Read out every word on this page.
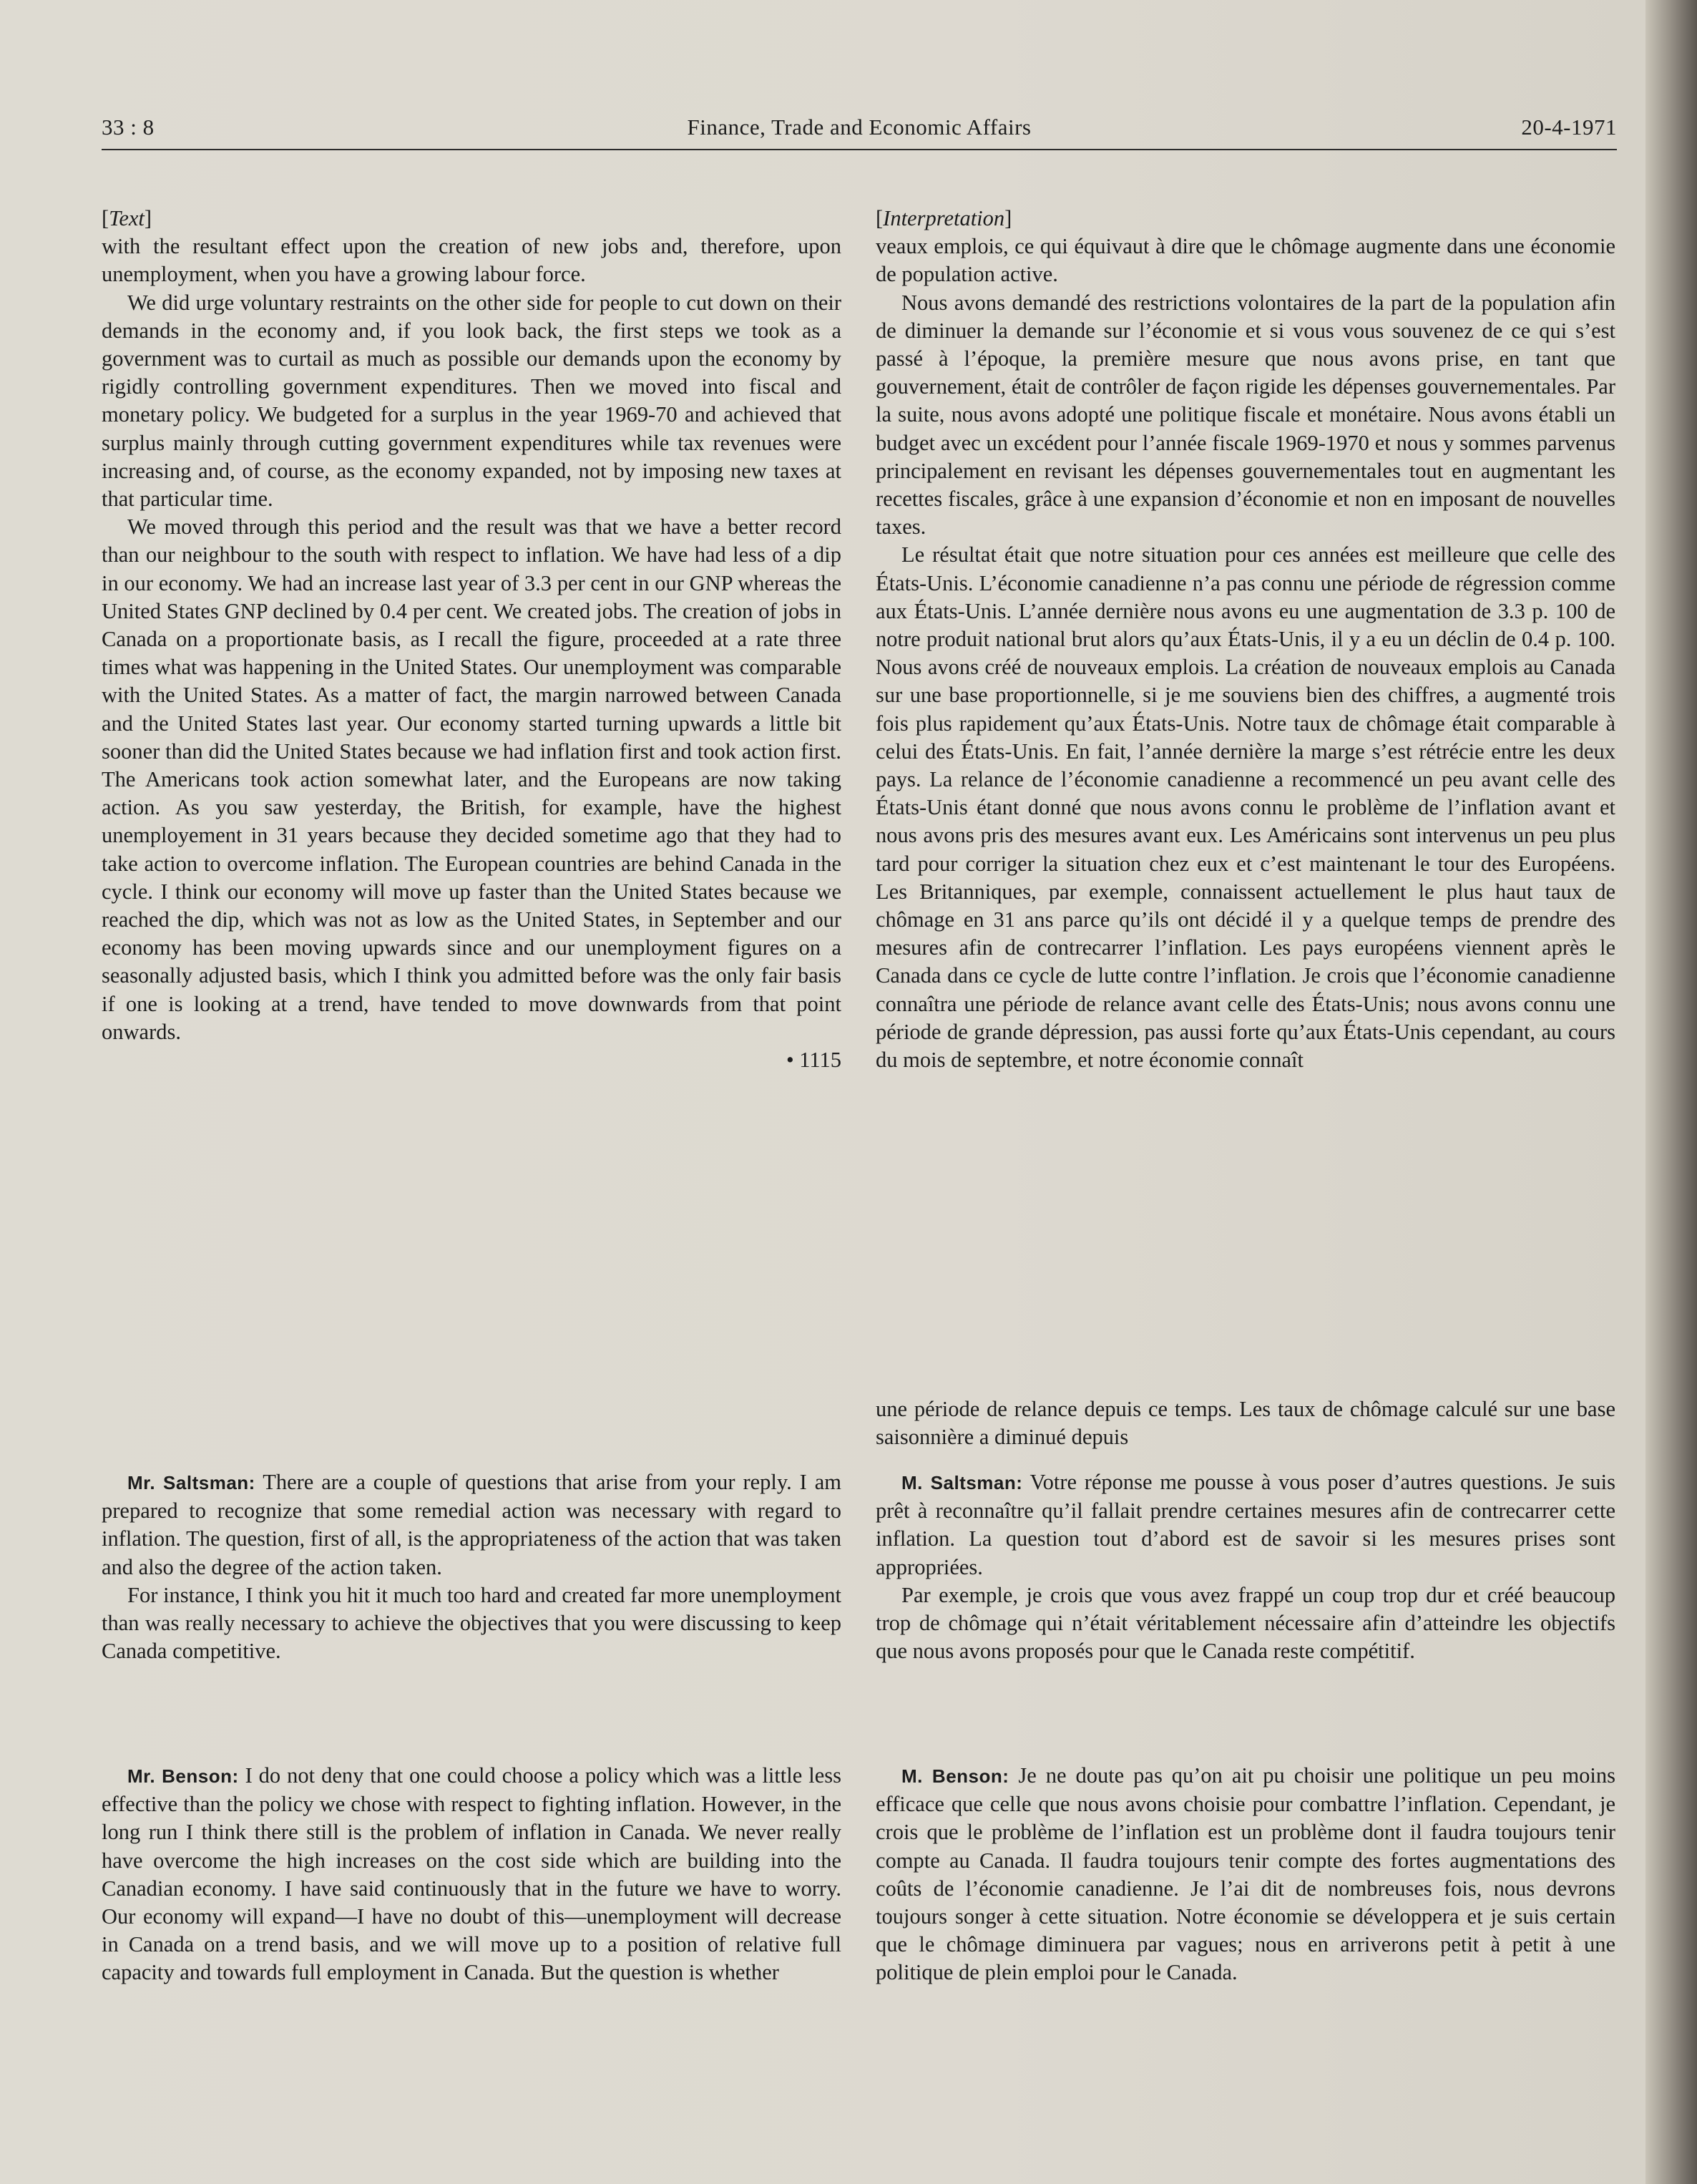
33 : 8	Finance, Trade and Economic Affairs	20-4-1971

[Text]

with the resultant effect upon the creation of new jobs and, therefore, upon unemployment, when you have a growing labour force.

We did urge voluntary restraints on the other side for people to cut down on their demands in the economy and, if you look back, the first steps we took as a government was to curtail as much as possible our demands upon the economy by rigidly controlling government expenditures. Then we moved into fiscal and monetary policy. We budgeted for a surplus in the year 1969-70 and achieved that surplus mainly through cutting government expenditures while tax revenues were increasing and, of course, as the economy expanded, not by imposing new taxes at that particular time.

We moved through this period and the result was that we have a better record than our neighbour to the south with respect to inflation. We have had less of a dip in our economy. We had an increase last year of 3.3 per cent in our GNP whereas the United States GNP declined by 0.4 per cent. We created jobs. The creation of jobs in Canada on a proportionate basis, as I recall the figure, proceeded at a rate three times what was happening in the United States. Our unemployment was comparable with the United States. As a matter of fact, the margin narrowed between Canada and the United States last year. Our economy started turning upwards a little bit sooner than did the United States because we had inflation first and took action first. The Americans took action somewhat later, and the Europeans are now taking action. As you saw yesterday, the British, for example, have the highest unemployement in 31 years because they decided sometime ago that they had to take action to overcome inflation. The European countries are behind Canada in the cycle. I think our economy will move up faster than the United States because we reached the dip, which was not as low as the United States, in September and our economy has been moving upwards since and our unemployment figures on a seasonally adjusted basis, which I think you admitted before was the only fair basis if one is looking at a trend, have tended to move downwards from that point onwards.

• 1115

Mr. Saltsman: There are a couple of questions that arise from your reply. I am prepared to recognize that some remedial action was necessary with regard to inflation. The question, first of all, is the appropriateness of the action that was taken and also the degree of the action taken.

For instance, I think you hit it much too hard and created far more unemployment than was really necessary to achieve the objectives that you were discussing to keep Canada competitive.

Mr. Benson: I do not deny that one could choose a policy which was a little less effective than the policy we chose with respect to fighting inflation. However, in the long run I think there still is the problem of inflation in Canada. We never really have overcome the high increases on the cost side which are building into the Canadian economy. I have said continuously that in the future we have to worry. Our economy will expand—I have no doubt of this—unemployment will decrease in Canada on a trend basis, and we will move up to a position of relative full capacity and towards full employment in Canada. But the question is whether

[Interpretation]

veaux emplois, ce qui équivaut à dire que le chômage augmente dans une économie de population active.

Nous avons demandé des restrictions volontaires de la part de la population afin de diminuer la demande sur l’économie et si vous vous souvenez de ce qui s’est passé à l’époque, la première mesure que nous avons prise, en tant que gouvernement, était de contrôler de façon rigide les dépenses gouvernementales. Par la suite, nous avons adopté une politique fiscale et monétaire. Nous avons établi un budget avec un excédent pour l’année fiscale 1969-1970 et nous y sommes parvenus principalement en revisant les dépenses gouvernementales tout en augmentant les recettes fiscales, grâce à une expansion d’économie et non en imposant de nouvelles taxes.

Le résultat était que notre situation pour ces années est meilleure que celle des États-Unis. L’économie canadienne n’a pas connu une période de régression comme aux États-Unis. L’année dernière nous avons eu une augmentation de 3.3 p. 100 de notre produit national brut alors qu’aux États-Unis, il y a eu un déclin de 0.4 p. 100. Nous avons créé de nouveaux emplois. La création de nouveaux emplois au Canada sur une base proportionnelle, si je me souviens bien des chiffres, a augmenté trois fois plus rapidement qu’aux États-Unis. Notre taux de chômage était comparable à celui des États-Unis. En fait, l’année dernière la marge s’est rétrécie entre les deux pays. La relance de l’économie canadienne a recommencé un peu avant celle des États-Unis étant donné que nous avons connu le problème de l’inflation avant et nous avons pris des mesures avant eux. Les Américains sont intervenus un peu plus tard pour corriger la situation chez eux et c’est maintenant le tour des Européens. Les Britanniques, par exemple, connaissent actuellement le plus haut taux de chômage en 31 ans parce qu’ils ont décidé il y a quelque temps de prendre des mesures afin de contrecarrer l’inflation. Les pays européens viennent après le Canada dans ce cycle de lutte contre l’inflation. Je crois que l’économie canadienne connaîtra une période de relance avant celle des États-Unis; nous avons connu une période de grande dépression, pas aussi forte qu’aux États-Unis cependant, au cours du mois de septembre, et notre économie connaît

une période de relance depuis ce temps. Les taux de chômage calculé sur une base saisonnière a diminué depuis

M. Saltsman: Votre réponse me pousse à vous poser d’autres questions. Je suis prêt à reconnaître qu’il fallait prendre certaines mesures afin de contrecarrer cette inflation. La question tout d’abord est de savoir si les mesures prises sont appropriées.

Par exemple, je crois que vous avez frappé un coup trop dur et créé beaucoup trop de chômage qui n’était véritablement nécessaire afin d’atteindre les objectifs que nous avons proposés pour que le Canada reste compétitif.

M. Benson: Je ne doute pas qu’on ait pu choisir une politique un peu moins efficace que celle que nous avons choisie pour combattre l’inflation. Cependant, je crois que le problème de l’inflation est un problème dont il faudra toujours tenir compte au Canada. Il faudra toujours tenir compte des fortes augmentations des coûts de l’économie canadienne. Je l’ai dit de nombreuses fois, nous devrons toujours songer à cette situation. Notre économie se développera et je suis certain que le chômage diminuera par vagues; nous en arriverons petit à petit à une politique de plein emploi pour le Canada.
